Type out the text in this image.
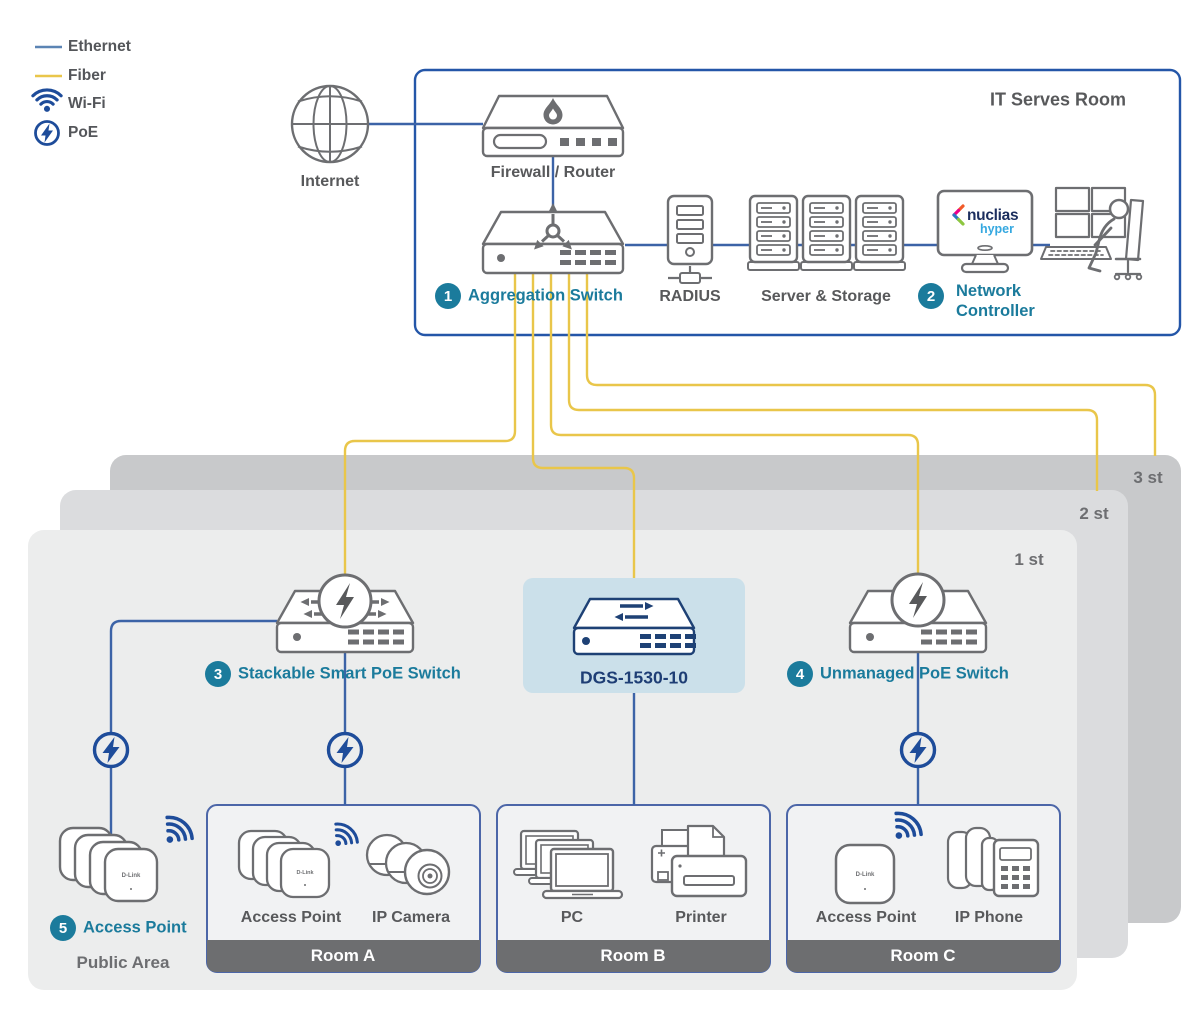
nuclias
hyper
D-Link	D-Link	D-Link
Ethernet
Fiber
Wi-Fi
PoE
Internet
Firewall / Router
IT Serves Room
RADIUS	Server & Storage
1 Aggregation Switch	2	Network Controller
3 st
2 st
1 st
3 Stackable Smart PoE Switch	DGS-1530-10	4 Unmanaged PoE Switch
5 Access Point
Public Area
Access Point IP Camera
Room A
PC	Printer
Room B
Access Point IP Phone
Room C
